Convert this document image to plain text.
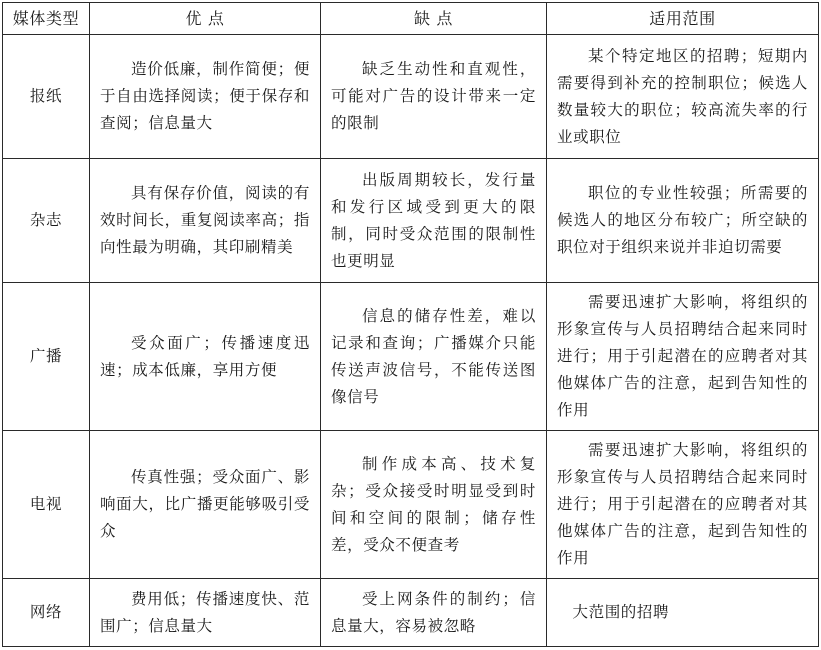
媒体类型	优 点	缺 点	适用范围
报纸	造价低廉，制作简便；便于自由选择阅读；便于保存和查阅；信息量大	缺乏生动性和直观性，可能对广告的设计带来一定的限制	某个特定地区的招聘；短期内需要得到补充的控制职位；候选人数量较大的职位；较高流失率的行业或职位
杂志	具有保存价值，阅读的有效时间长，重复阅读率高；指向性最为明确，其印刷精美	出版周期较长，发行量和发行区域受到更大的限制，同时受众范围的限制性也更明显	职位的专业性较强；所需要的候选人的地区分布较广；所空缺的职位对于组织来说并非迫切需要
广播	受众面广；传播速度迅速；成本低廉，享用方便	信息的储存性差，难以记录和查询；广播媒介只能传送声波信号，不能传送图像信号	需要迅速扩大影响，将组织的形象宣传与人员招聘结合起来同时进行；用于引起潜在的应聘者对其他媒体广告的注意，起到告知性的作用
电视	传真性强；受众面广、影响面大，比广播更能够吸引受众	制作成本高、技术复杂；受众接受时明显受到时间和空间的限制；储存性差，受众不便查考	需要迅速扩大影响，将组织的形象宣传与人员招聘结合起来同时进行；用于引起潜在的应聘者对其他媒体广告的注意，起到告知性的作用
网络	费用低；传播速度快、范围广；信息量大	受上网条件的制约；信息量大，容易被忽略	大范围的招聘
